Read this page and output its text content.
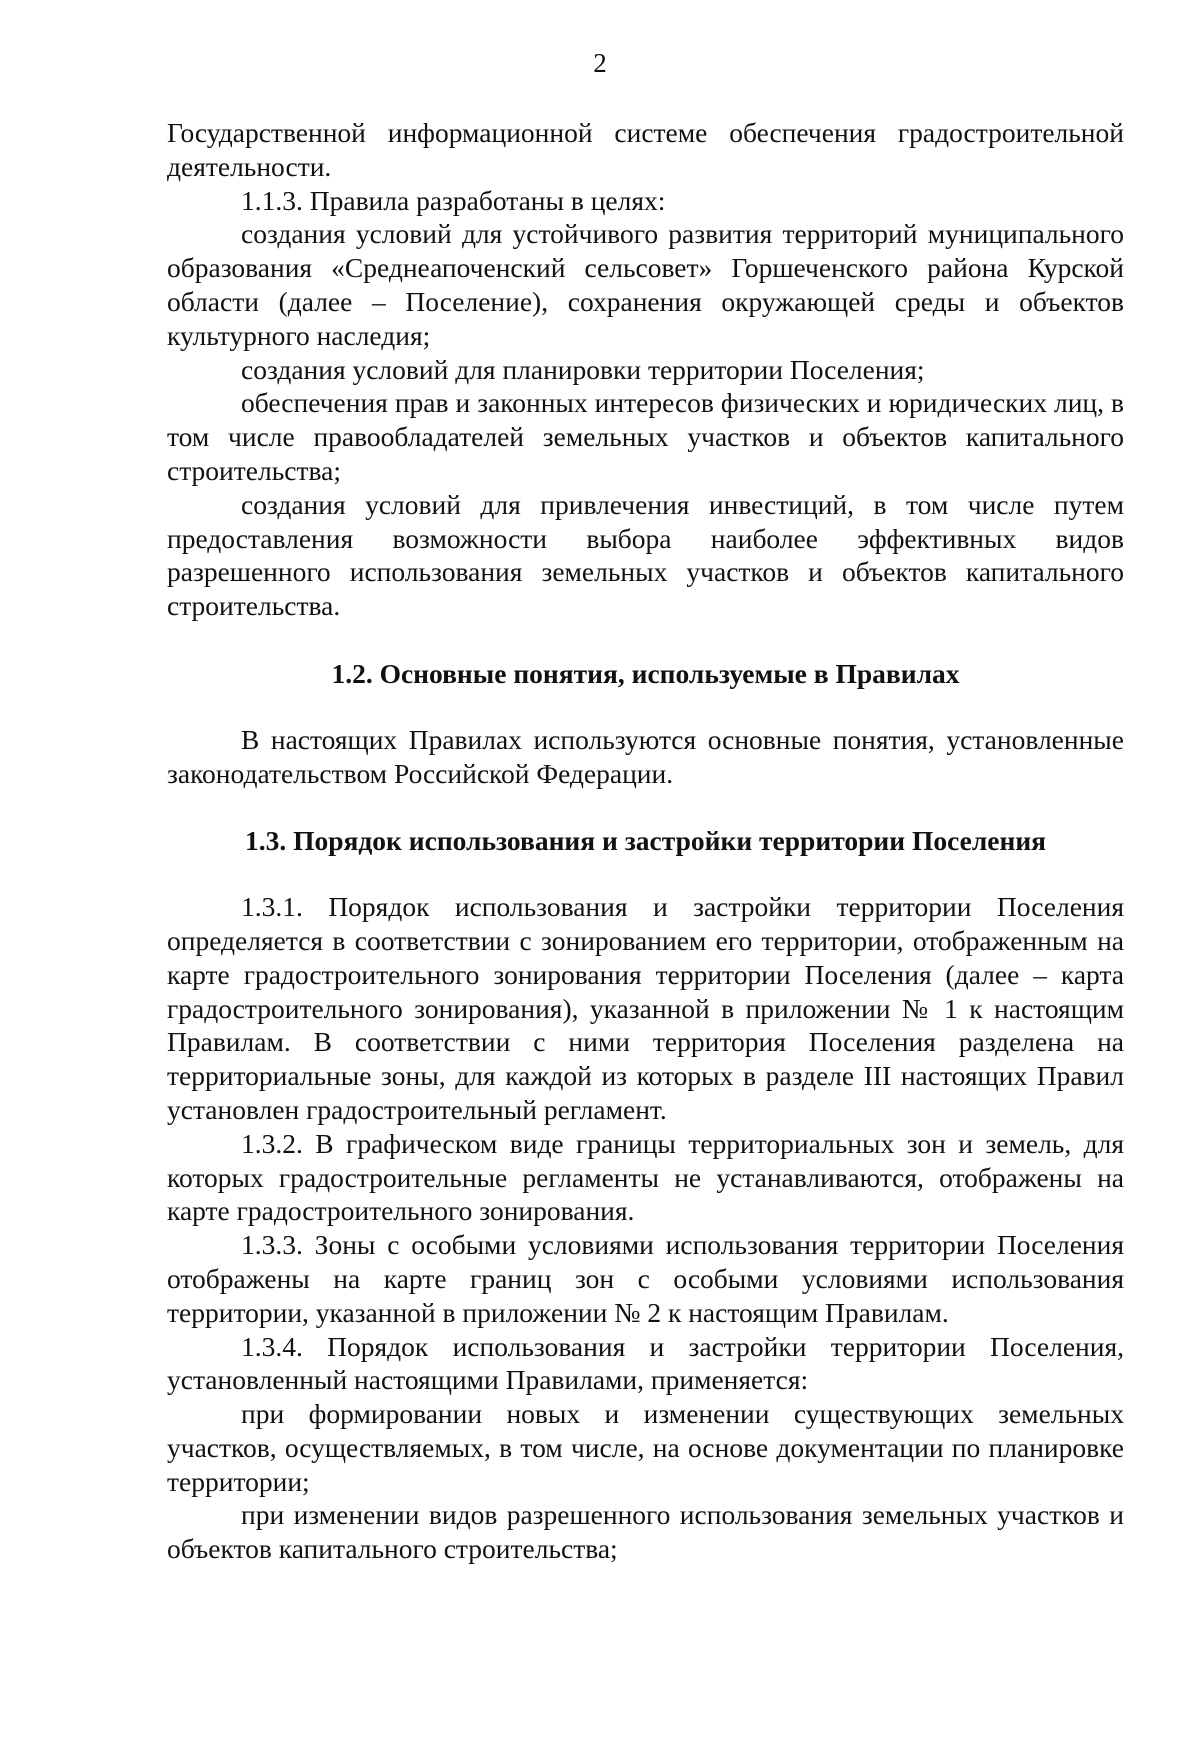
2

Государственной информационной системе обеспечения градостроительной деятельности.

1.1.3. Правила разработаны в целях:

создания условий для устойчивого развития территорий муниципального образования «Среднеапоченский сельсовет» Горшеченского района Курской области (далее – Поселение), сохранения окружающей среды и объектов культурного наследия;

создания условий для планировки территории Поселения;

обеспечения прав и законных интересов физических и юридических лиц, в том числе правообладателей земельных участков и объектов капитального строительства;

создания условий для привлечения инвестиций, в том числе путем предоставления возможности выбора наиболее эффективных видов разрешенного использования земельных участков и объектов капитального строительства.

1.2. Основные понятия, используемые в Правилах

В настоящих Правилах используются основные понятия, установленные законодательством Российской Федерации.

1.3. Порядок использования и застройки территории Поселения

1.3.1. Порядок использования и застройки территории Поселения определяется в соответствии с зонированием его территории, отображенным на карте градостроительного зонирования территории Поселения (далее – карта градостроительного зонирования), указанной в приложении № 1 к настоящим Правилам. В соответствии с ними территория Поселения разделена на территориальные зоны, для каждой из которых в разделе III настоящих Правил установлен градостроительный регламент.

1.3.2. В графическом виде границы территориальных зон и земель, для которых градостроительные регламенты не устанавливаются, отображены на карте градостроительного зонирования.

1.3.3. Зоны с особыми условиями использования территории Поселения отображены на карте границ зон с особыми условиями использования территории, указанной в приложении № 2 к настоящим Правилам.

1.3.4. Порядок использования и застройки территории Поселения, установленный настоящими Правилами, применяется:

при формировании новых и изменении существующих земельных участков, осуществляемых, в том числе, на основе документации по планировке территории;

при изменении видов разрешенного использования земельных участков и объектов капитального строительства;
